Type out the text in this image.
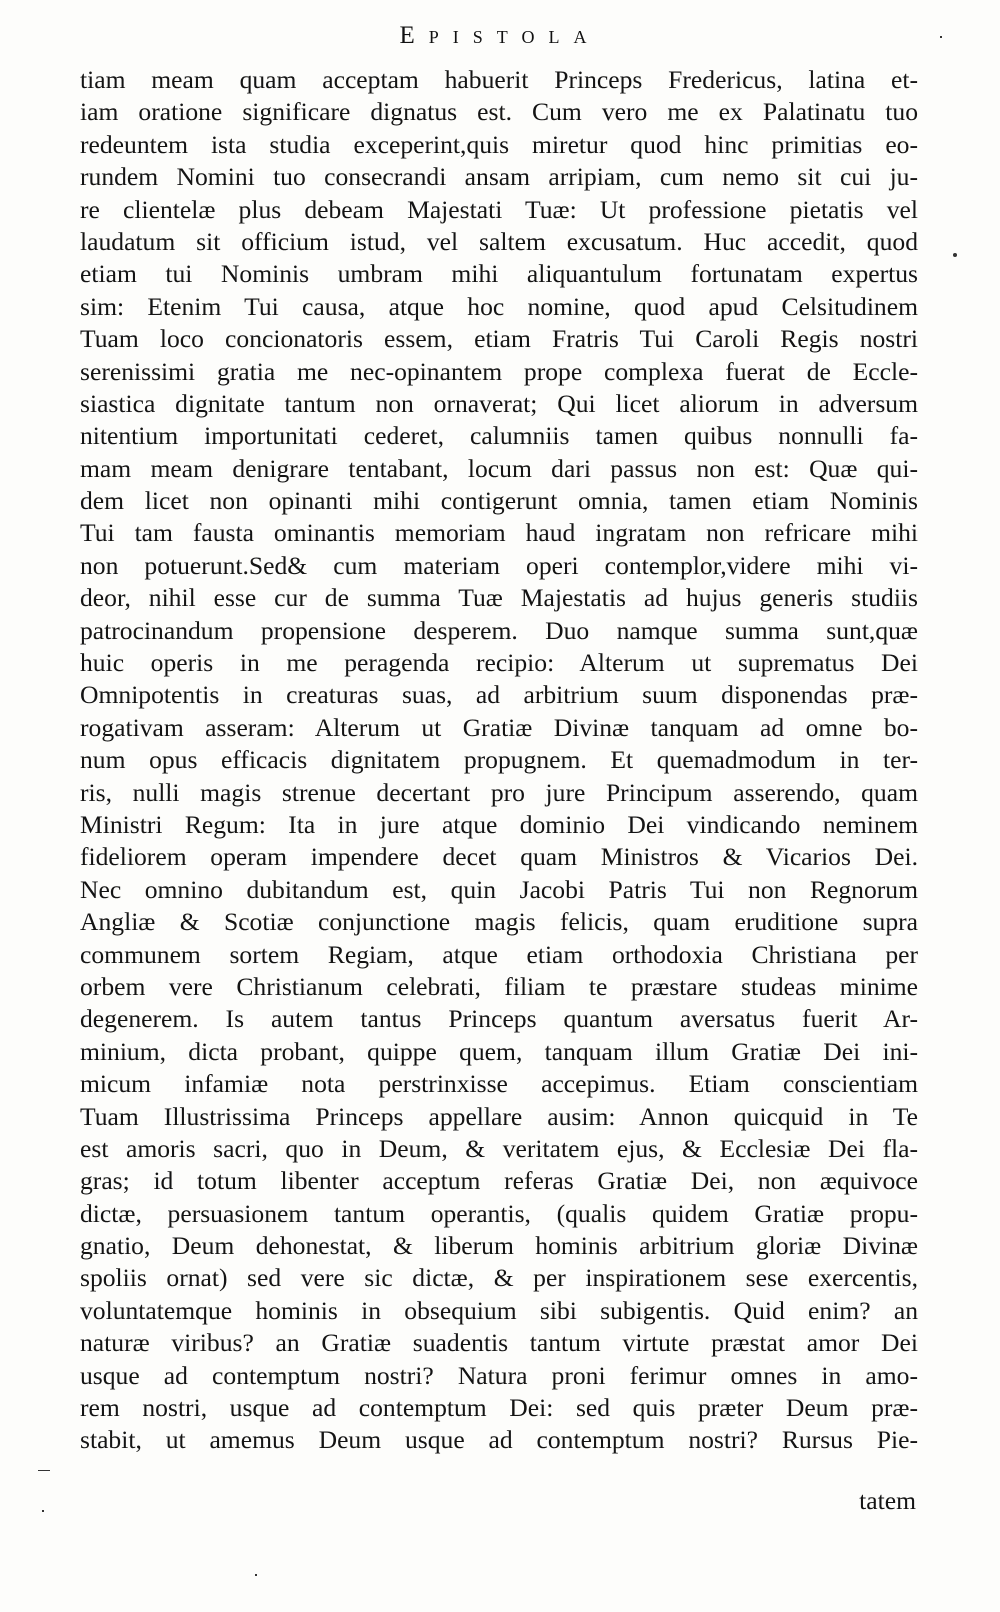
Epistola
tiam meam quam acceptam habuerit Princeps Fredericus, latina et-
iam oratione significare dignatus est. Cum vero me ex Palatinatu tuo
redeuntem ista studia exceperint,quis miretur quod hinc primitias eo-
rundem Nomini tuo consecrandi ansam arripiam, cum nemo sit cui ju-
re clientelæ plus debeam Majestati Tuæ: Ut professione pietatis vel
laudatum sit officium istud, vel saltem excusatum. Huc accedit, quod
etiam tui Nominis umbram mihi aliquantulum fortunatam expertus
sim: Etenim Tui causa, atque hoc nomine, quod apud Celsitudinem
Tuam loco concionatoris essem, etiam Fratris Tui Caroli Regis nostri
serenissimi gratia me nec-opinantem prope complexa fuerat de Eccle-
siastica dignitate tantum non ornaverat; Qui licet aliorum in adversum
nitentium importunitati cederet, calumniis tamen quibus nonnulli fa-
mam meam denigrare tentabant, locum dari passus non est: Quæ qui-
dem licet non opinanti mihi contigerunt omnia, tamen etiam Nominis
Tui tam fausta ominantis memoriam haud ingratam non refricare mihi
non potuerunt.Sed& cum materiam operi contemplor,videre mihi vi-
deor, nihil esse cur de summa Tuæ Majestatis ad hujus generis studiis
patrocinandum propensione desperem. Duo namque summa sunt,quæ
huic operis in me peragenda recipio: Alterum ut suprematus Dei
Omnipotentis in creaturas suas, ad arbitrium suum disponendas præ-
rogativam asseram: Alterum ut Gratiæ Divinæ tanquam ad omne bo-
num opus efficacis dignitatem propugnem. Et quemadmodum in ter-
ris, nulli magis strenue decertant pro jure Principum asserendo, quam
Ministri Regum: Ita in jure atque dominio Dei vindicando neminem
fideliorem operam impendere decet quam Ministros & Vicarios Dei.
Nec omnino dubitandum est, quin Jacobi Patris Tui non Regnorum
Angliæ & Scotiæ conjunctione magis felicis, quam eruditione supra
communem sortem Regiam, atque etiam orthodoxia Christiana per
orbem vere Christianum celebrati, filiam te præstare studeas minime
degenerem. Is autem tantus Princeps quantum aversatus fuerit Ar-
minium, dicta probant, quippe quem, tanquam illum Gratiæ Dei ini-
micum infamiæ nota perstrinxisse accepimus. Etiam conscientiam
Tuam Illustrissima Princeps appellare ausim: Annon quicquid in Te
est amoris sacri, quo in Deum, & veritatem ejus, & Ecclesiæ Dei fla-
gras; id totum libenter acceptum referas Gratiæ Dei, non æquivoce
dictæ, persuasionem tantum operantis, (qualis quidem Gratiæ propu-
gnatio, Deum dehonestat, & liberum hominis arbitrium gloriæ Divinæ
spoliis ornat) sed vere sic dictæ, & per inspirationem sese exercentis,
voluntatemque hominis in obsequium sibi subigentis. Quid enim? an
naturæ viribus? an Gratiæ suadentis tantum virtute præstat amor Dei
usque ad contemptum nostri? Natura proni ferimur omnes in amo-
rem nostri, usque ad contemptum Dei: sed quis præter Deum præ-
stabit, ut amemus Deum usque ad contemptum nostri? Rursus Pie-
tatem
